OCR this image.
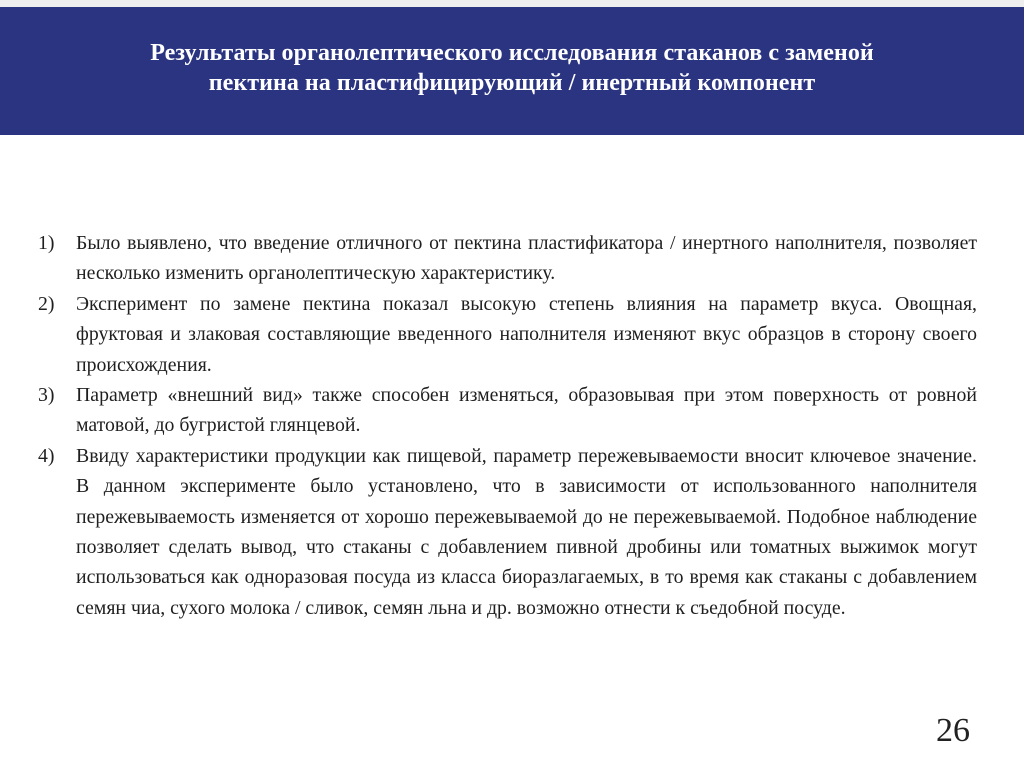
Результаты органолептического исследования стаканов с заменой
пектина на пластифицирующий / инертный компонент
1) Было выявлено, что введение отличного от пектина пластификатора / инертного наполнителя, позволяет несколько изменить органолептическую характеристику.
2) Эксперимент по замене пектина показал высокую степень влияния на параметр вкуса. Овощная, фруктовая и злаковая составляющие введенного наполнителя изменяют вкус образцов в сторону своего происхождения.
3) Параметр «внешний вид» также способен изменяться, образовывая при этом поверхность от ровной матовой, до бугристой глянцевой.
4) Ввиду характеристики продукции как пищевой, параметр пережевываемости вносит ключевое значение. В данном эксперименте было установлено, что в зависимости от использованного наполнителя пережевываемость изменяется от хорошо пережевываемой до не пережевываемой. Подобное наблюдение позволяет сделать вывод, что стаканы с добавлением пивной дробины или томатных выжимок могут использоваться как одноразовая посуда из класса биоразлагаемых, в то время как стаканы с добавлением семян чиа, сухого молока / сливок, семян льна и др. возможно отнести к съедобной посуде.
26
